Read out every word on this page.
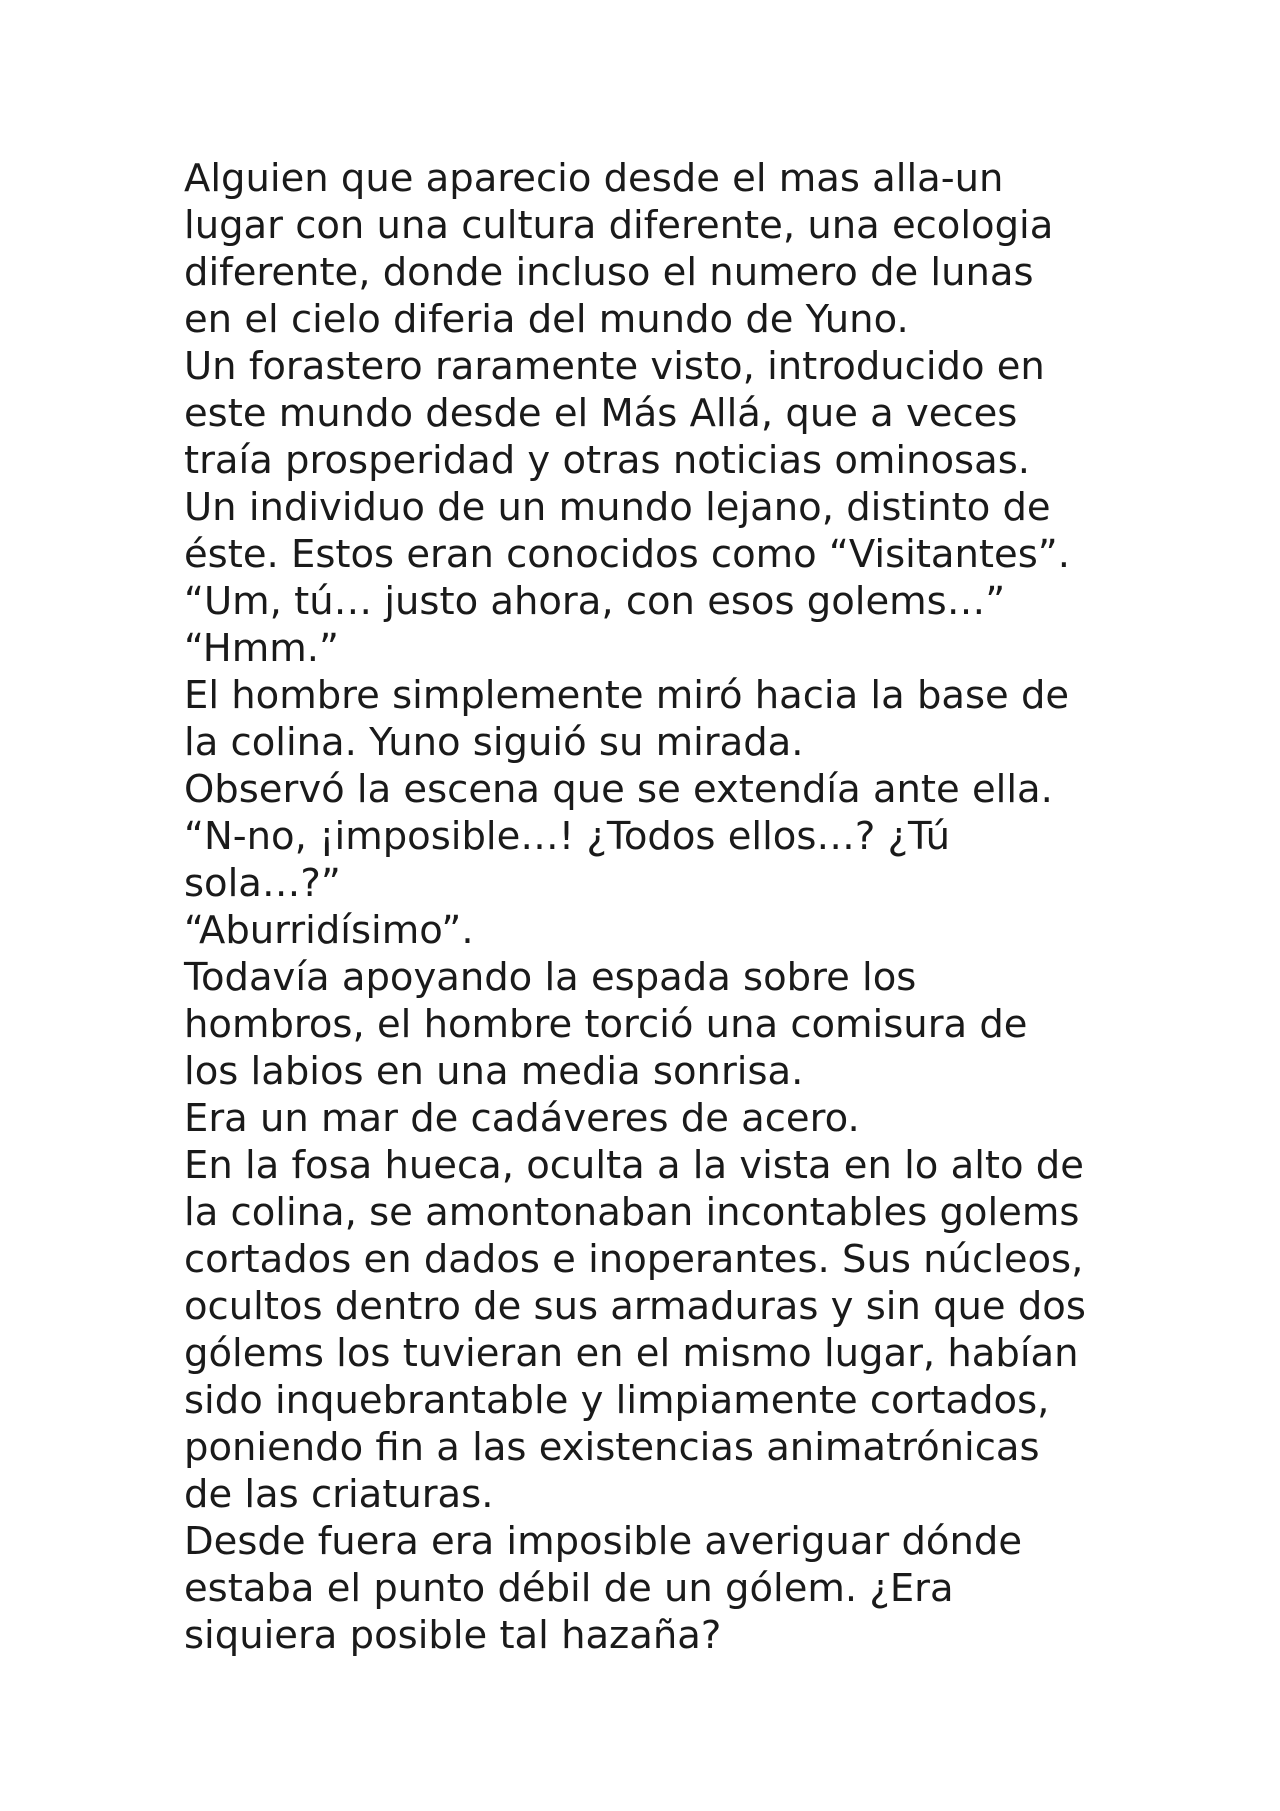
Alguien que aparecio desde el mas alla-un
lugar con una cultura diferente, una ecologia
diferente, donde incluso el numero de lunas
en el cielo diferia del mundo de Yuno.
Un forastero raramente visto, introducido en
este mundo desde el Más Allá, que a veces
traía prosperidad y otras noticias ominosas.
Un individuo de un mundo lejano, distinto de
éste. Estos eran conocidos como “Visitantes”.
“Um, tú… justo ahora, con esos golems…”
“Hmm.”
El hombre simplemente miró hacia la base de
la colina. Yuno siguió su mirada.
Observó la escena que se extendía ante ella.
“N-no, ¡imposible…! ¿Todos ellos…? ¿Tú
sola…?”
“Aburridísimo”.
Todavía apoyando la espada sobre los
hombros, el hombre torció una comisura de
los labios en una media sonrisa.
Era un mar de cadáveres de acero.
En la fosa hueca, oculta a la vista en lo alto de
la colina, se amontonaban incontables golems
cortados en dados e inoperantes. Sus núcleos,
ocultos dentro de sus armaduras y sin que dos
gólems los tuvieran en el mismo lugar, habían
sido inquebrantable y limpiamente cortados,
poniendo fin a las existencias animatrónicas
de las criaturas.
Desde fuera era imposible averiguar dónde
estaba el punto débil de un gólem. ¿Era
siquiera posible tal hazaña?
